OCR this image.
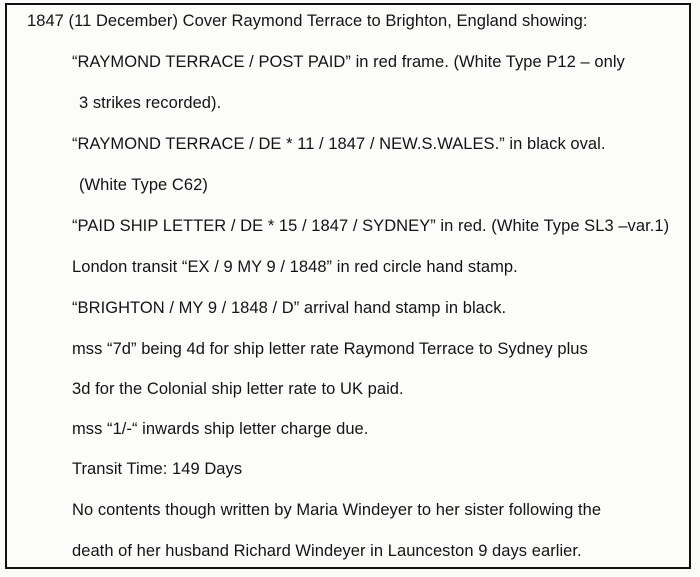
1847 (11 December) Cover Raymond Terrace to Brighton, England showing:
“RAYMOND TERRACE / POST PAID” in red frame. (White Type P12 – only
3 strikes recorded).
“RAYMOND TERRACE / DE * 11 / 1847 / NEW.S.WALES.” in black oval.
(White Type C62)
“PAID SHIP LETTER / DE * 15 / 1847 / SYDNEY” in red. (White Type SL3 –var.1)
London transit “EX / 9 MY 9 / 1848” in red circle hand stamp.
“BRIGHTON / MY 9 / 1848 / D” arrival hand stamp in black.
mss “7d” being 4d for ship letter rate Raymond Terrace to Sydney plus
3d for the Colonial ship letter rate to UK paid.
mss “1/-“ inwards ship letter charge due.
Transit Time: 149 Days
No contents though written by Maria Windeyer to her sister following the
death of her husband Richard Windeyer in Launceston 9 days earlier.
